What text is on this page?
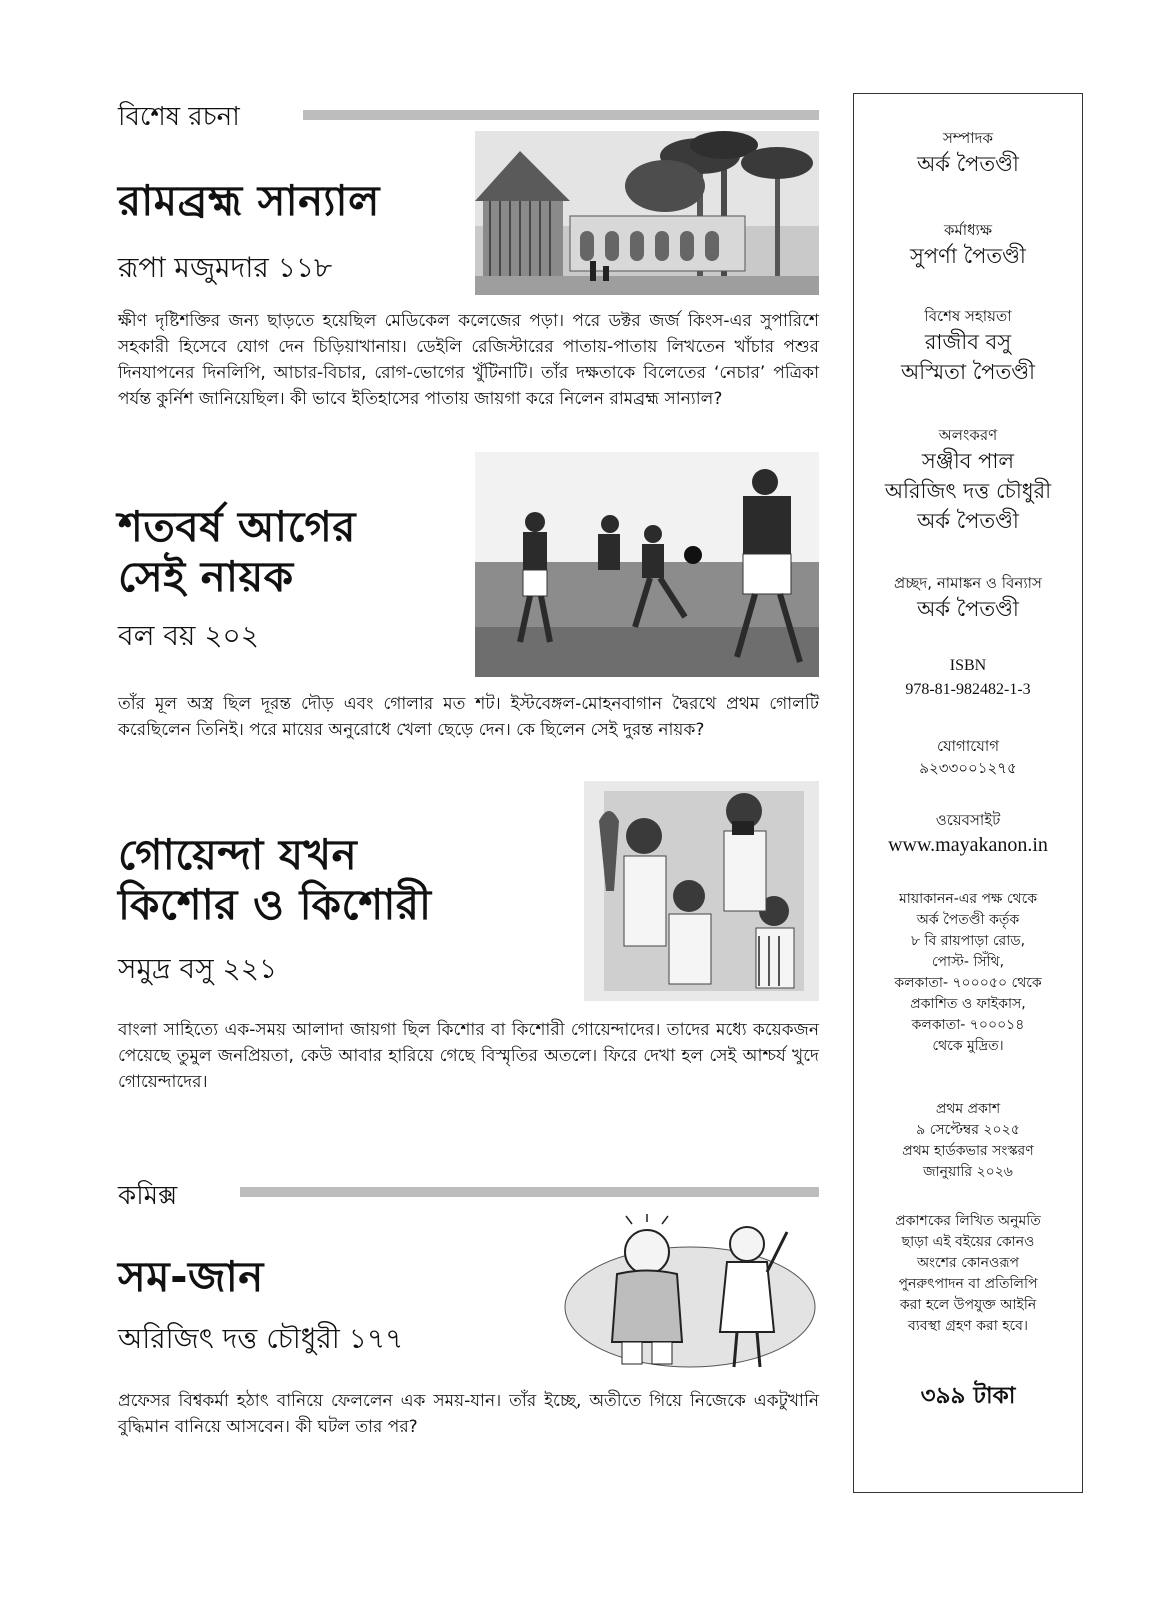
বিশেষ রচনা
রামব্রহ্ম সান্যাল
রূপা মজুমদার ১১৮
ক্ষীণ দৃষ্টিশক্তির জন্য ছাড়তে হয়েছিল মেডিকেল কলেজের পড়া। পরে ডক্টর জর্জ কিংস-এর সুপারিশে সহকারী হিসেবে যোগ দেন চিড়িয়াখানায়। ডেইলি রেজিস্টারের পাতায়-পাতায় লিখতেন খাঁচার পশুর দিনযাপনের দিনলিপি, আচার-বিচার, রোগ-ভোগের খুঁটিনাটি। তাঁর দক্ষতাকে বিলেতের ‘নেচার’ পত্রিকা পর্যন্ত কুর্নিশ জানিয়েছিল। কী ভাবে ইতিহাসের পাতায় জায়গা করে নিলেন রামব্রহ্ম সান্যাল?
শতবর্ষ আগের
সেই নায়ক
বল বয় ২০২
তাঁর মূল অস্ত্র ছিল দূরন্ত দৌড় এবং গোলার মত শট। ইস্টবেঙ্গল-মোহনবাগান দ্বৈরথে প্রথম গোলটি করেছিলেন তিনিই। পরে মায়ের অনুরোধে খেলা ছেড়ে দেন। কে ছিলেন সেই দুরন্ত নায়ক?
গোয়েন্দা যখন
কিশোর ও কিশোরী
সমুদ্র বসু ২২১
বাংলা সাহিত্যে এক-সময় আলাদা জায়গা ছিল কিশোর বা কিশোরী গোয়েন্দাদের। তাদের মধ্যে কয়েকজন পেয়েছে তুমুল জনপ্রিয়তা, কেউ আবার হারিয়ে গেছে বিস্মৃতির অতলে। ফিরে দেখা হল সেই আশ্চর্য খুদে গোয়েন্দাদের।
কমিক্স
সম-জান
অরিজিৎ দত্ত চৌধুরী ১৭৭
প্রফেসর বিশ্বকর্মা হঠাৎ বানিয়ে ফেললেন এক সময়-যান। তাঁর ইচ্ছে, অতীতে গিয়ে নিজেকে একটুখানি বুদ্ধিমান বানিয়ে আসবেন। কী ঘটল তার পর?
সম্পাদক
অর্ক পৈতণ্ডী
কর্মাধ্যক্ষ
সুপর্ণা পৈতণ্ডী
বিশেষ সহায়তা
রাজীব বসু
অস্মিতা পৈতণ্ডী
অলংকরণ
সঞ্জীব পাল
অরিজিৎ দত্ত চৌধুরী
অর্ক পৈতণ্ডী
প্রচ্ছদ, নামাঙ্কন ও বিন্যাস
অর্ক পৈতণ্ডী
ISBN
978-81-982482-1-3
যোগাযোগ
৯২৩৩০০১২৭৫
ওয়েবসাইট
www.mayakanon.in
মায়াকানন-এর পক্ষ থেকে
অর্ক পৈতণ্ডী কর্তৃক
৮ বি রায়পাড়া রোড,
পোস্ট- সিঁথি,
কলকাতা- ৭০০০৫০ থেকে
প্রকাশিত ও ফাইকাস,
কলকাতা- ৭০০০১৪
থেকে মুদ্রিত।
প্রথম প্রকাশ
৯ সেপ্টেম্বর ২০২৫
প্রথম হার্ডকভার সংস্করণ
জানুয়ারি ২০২৬
প্রকাশকের লিখিত অনুমতি
ছাড়া এই বইয়ের কোনও
অংশের কোনওরূপ
পুনরুৎপাদন বা প্রতিলিপি
করা হলে উপযুক্ত আইনি
ব্যবস্থা গ্রহণ করা হবে।
৩৯৯ টাকা
